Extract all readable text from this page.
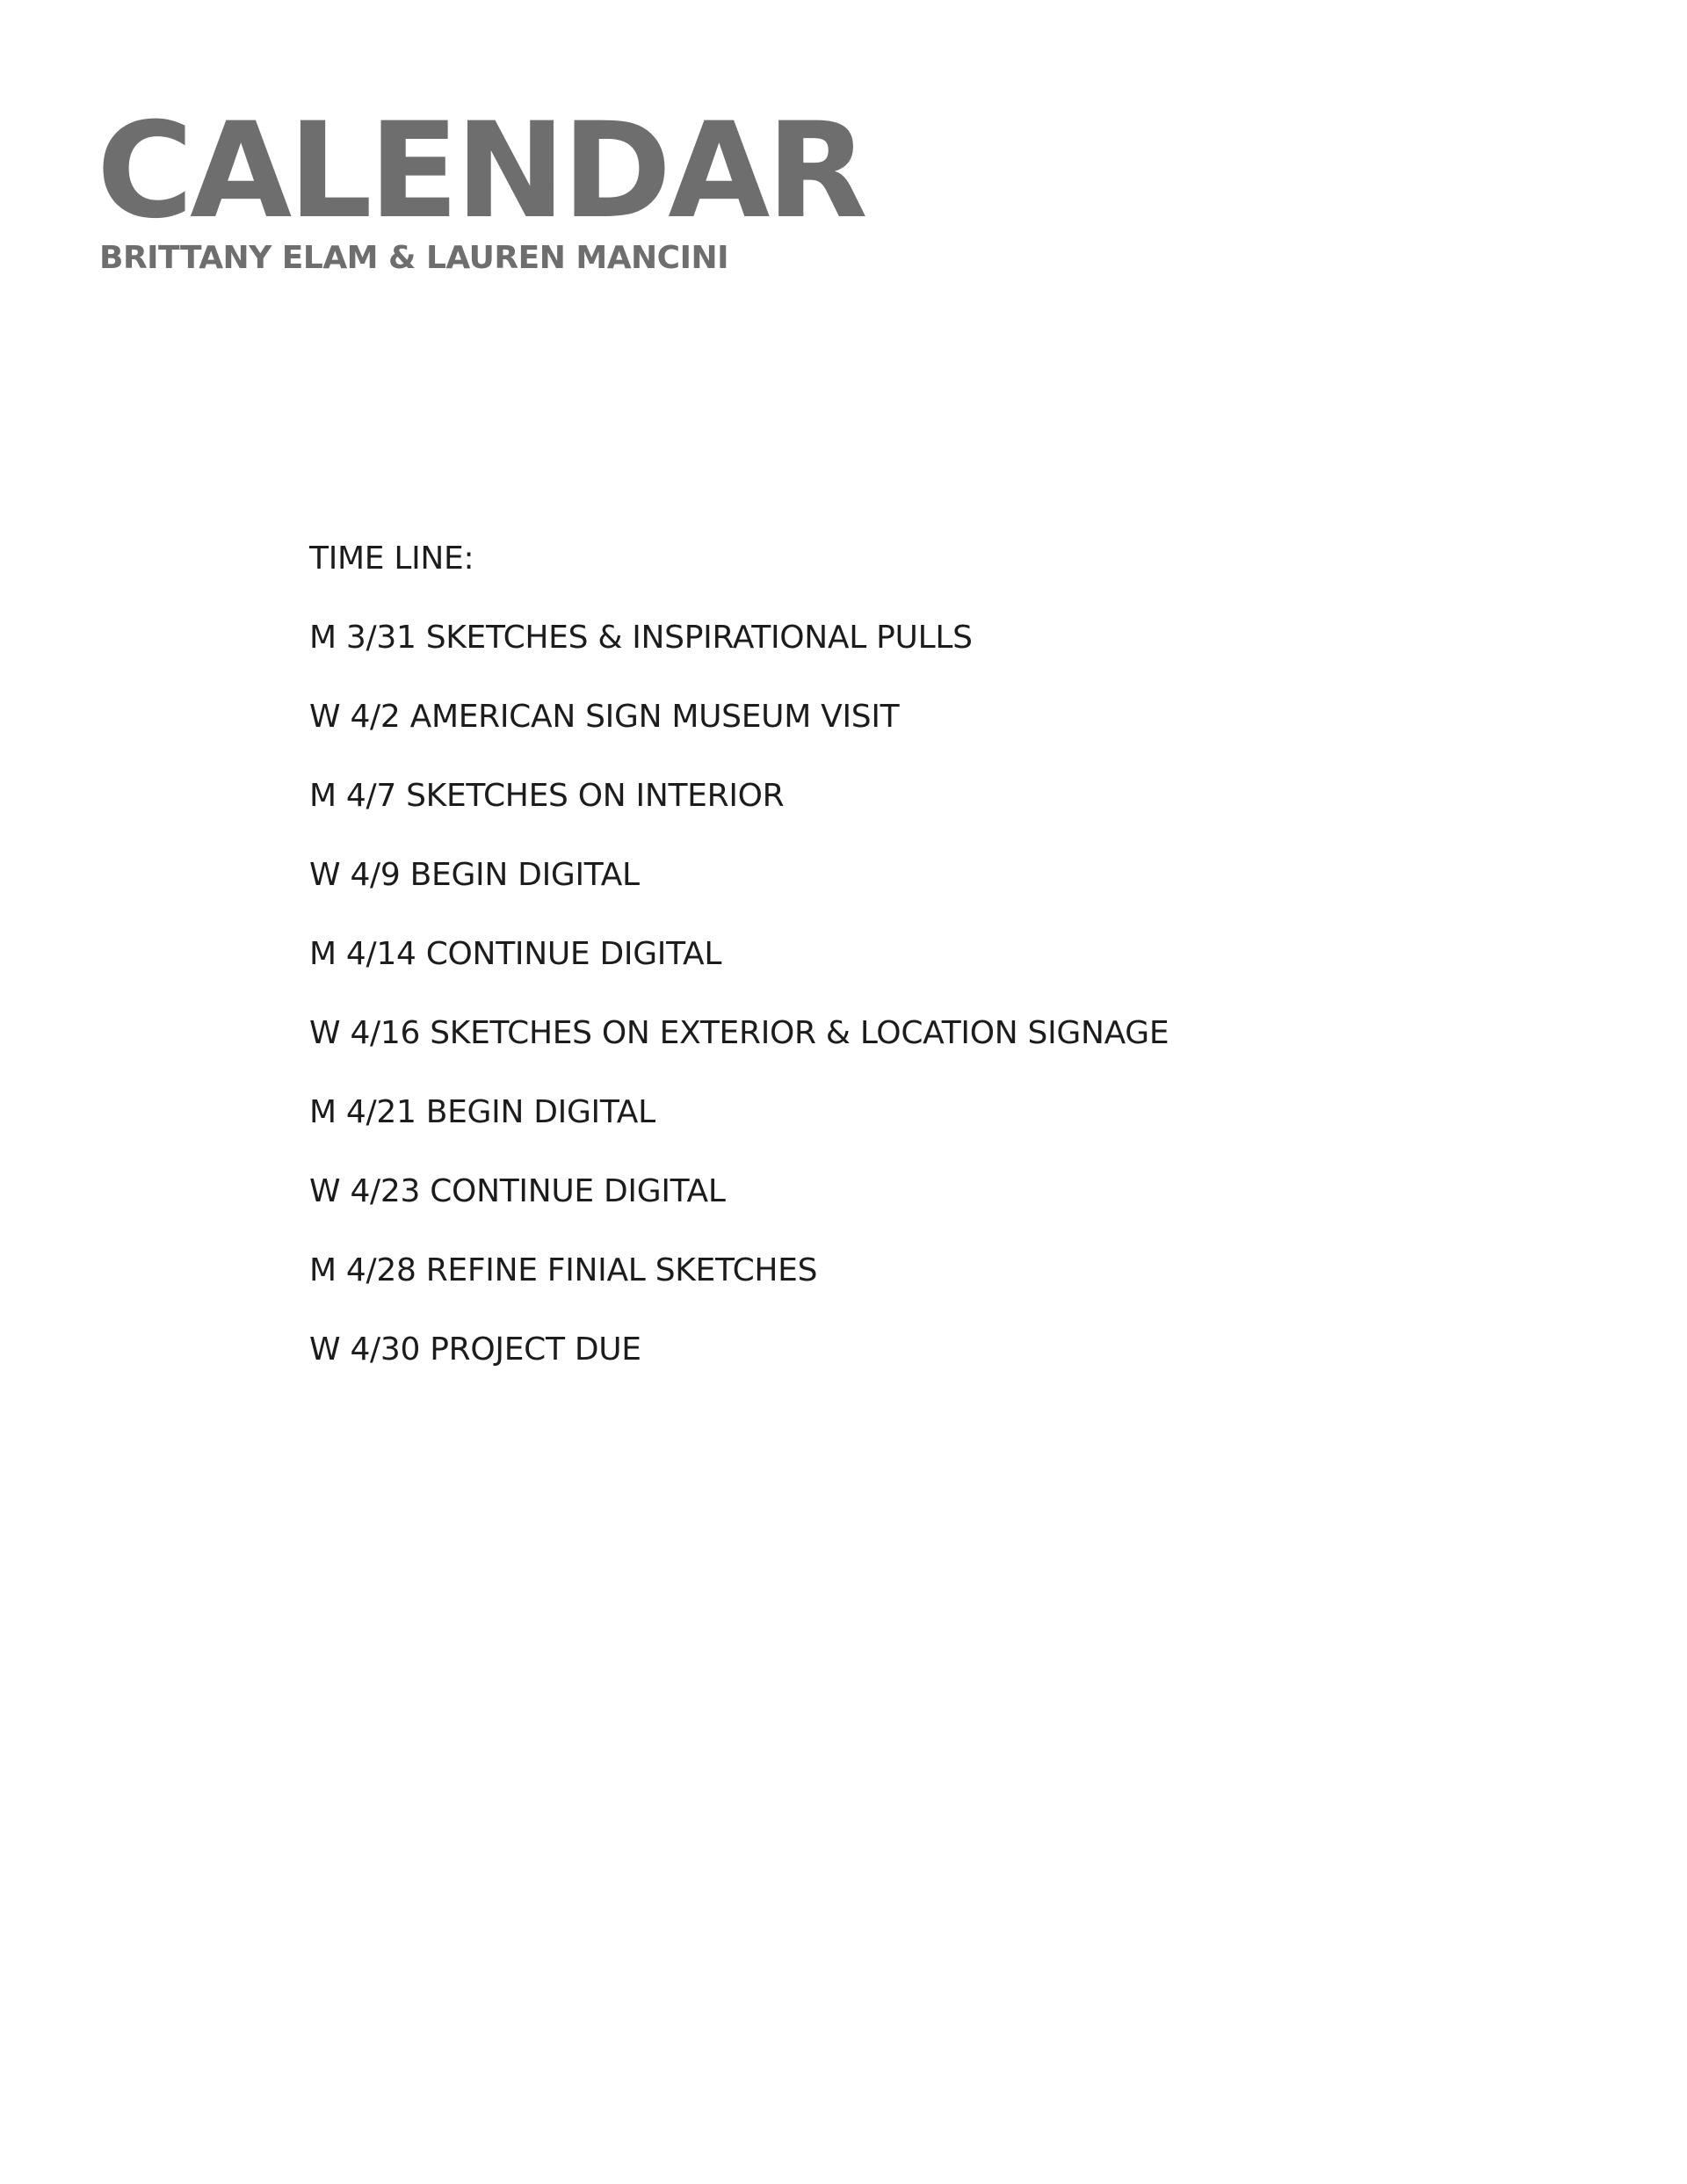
CALENDAR
BRITTANY ELAM & LAUREN MANCINI
TIME LINE:
M 3/31 SKETCHES & INSPIRATIONAL PULLS
W 4/2 AMERICAN SIGN MUSEUM VISIT
M 4/7 SKETCHES ON INTERIOR
W 4/9 BEGIN DIGITAL
M 4/14 CONTINUE DIGITAL
W 4/16 SKETCHES ON EXTERIOR & LOCATION SIGNAGE
M 4/21 BEGIN DIGITAL
W 4/23 CONTINUE DIGITAL
M 4/28 REFINE FINIAL SKETCHES
W 4/30 PROJECT DUE
